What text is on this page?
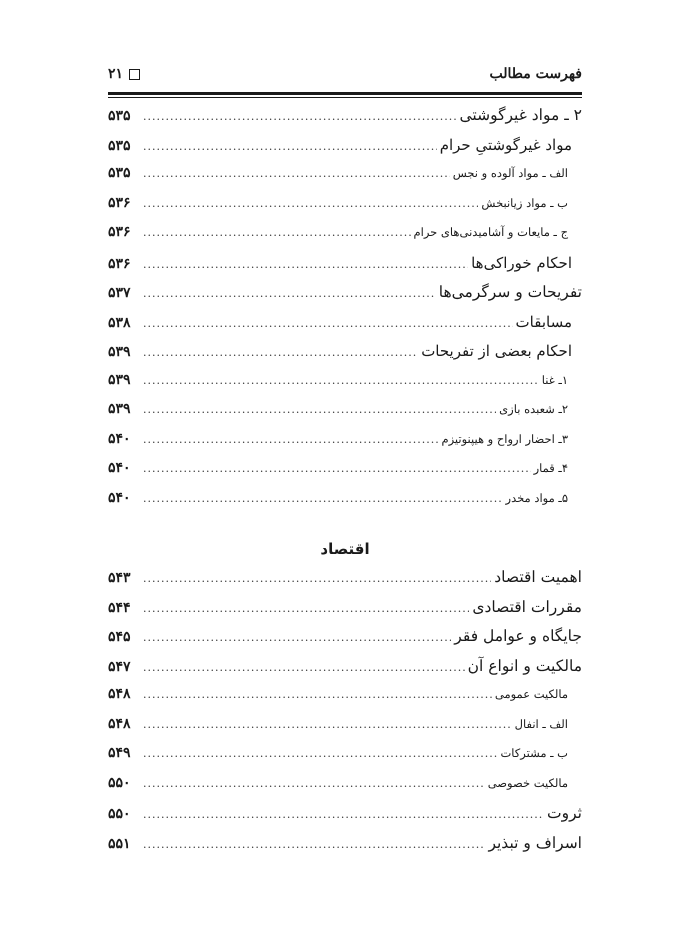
فهرست مطالب
۲۱
۲ ـ مواد غیرگوشتی
.....
۵۳۵
مواد غیرگوشتیِ حرام
.....
۵۳۵
الف ـ مواد آلوده و نجس
.....
۵۳۵
ب ـ مواد زیانبخش
.....
۵۳۶
ج ـ مایعات و آشامیدنی‌های حرام
.....
۵۳۶
احکام خوراکی‌ها
.....
۵۳۶
تفریحات و سرگرمی‌ها
.....
۵۳۷
مسابقات
.....
۵۳۸
احکام بعضی از تفریحات
.....
۵۳۹
۱ـ غنا
.....
۵۳۹
۲ـ شعبده بازی
.....
۵۳۹
۳ـ احضار ارواح و هیپنوتیزم
.....
۵۴۰
۴ـ قمار
.....
۵۴۰
۵ـ مواد مخدر
.....
۵۴۰
اقتصاد
اهمیت اقتصاد
.....
۵۴۳
مقررات اقتصادی
.....
۵۴۴
جایگاه و عوامل فقر
.....
۵۴۵
مالکیت و انواع آن
.....
۵۴۷
مالکیت عمومی
.....
۵۴۸
الف ـ انفال
.....
۵۴۸
ب ـ مشترکات
.....
۵۴۹
مالکیت خصوصی
.....
۵۵۰
ثروت
.....
۵۵۰
اسراف و تبذیر
.....
۵۵۱
